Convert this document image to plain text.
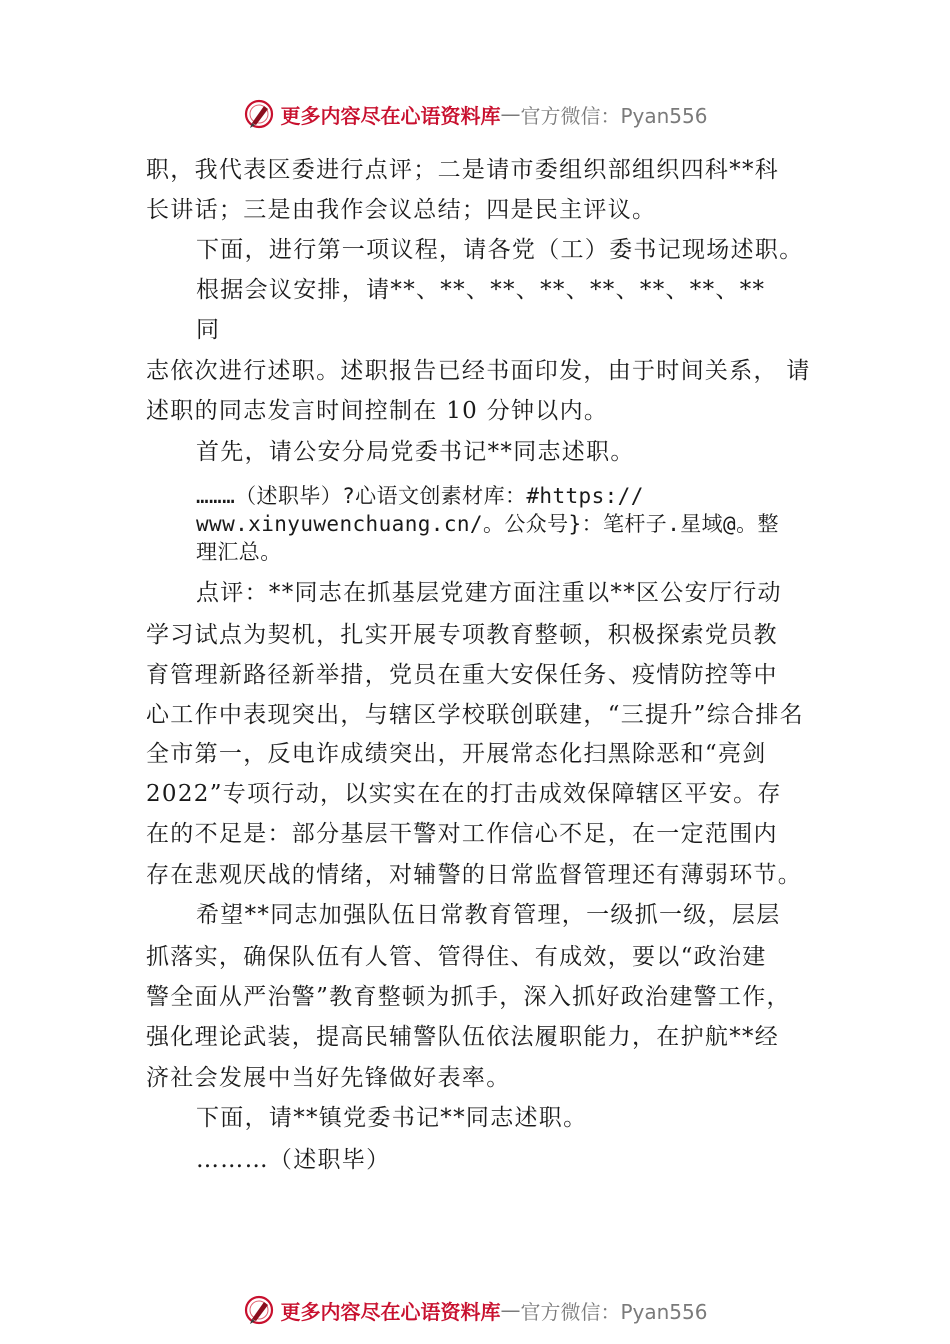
更多内容尽在心语资料库 — 官方微信：Pyan556
职，我代表区委进行点评；二是请市委组织部组织四科**科
长讲话；三是由我作会议总结；四是民主评议。
下面，进行第一项议程，请各党（工）委书记现场述职。
根据会议安排，请**、**、**、**、**、**、**、**
同
志依次进行述职。述职报告已经书面印发，由于时间关系， 请
述职的同志发言时间控制在 10 分钟以内。
首先，请公安分局党委书记**同志述职。
………（述职毕）?心语文创素材库：#https://
www.xinyuwenchuang.cn/。公众号}：笔杆子.星域@。整
理汇总。
点评：**同志在抓基层党建方面注重以**区公安厅行动
学习试点为契机，扎实开展专项教育整顿，积极探索党员教
育管理新路径新举措，党员在重大安保任务、疫情防控等中
心工作中表现突出，与辖区学校联创联建，“三提升”综合排名
全市第一，反电诈成绩突出，开展常态化扫黑除恶和“亮剑
2022”专项行动，以实实在在的打击成效保障辖区平安。存
在的不足是：部分基层干警对工作信心不足，在一定范围内
存在悲观厌战的情绪，对辅警的日常监督管理还有薄弱环节。
希望**同志加强队伍日常教育管理，一级抓一级，层层
抓落实，确保队伍有人管、管得住、有成效，要以“政治建
警全面从严治警”教育整顿为抓手，深入抓好政治建警工作，
强化理论武装，提高民辅警队伍依法履职能力，在护航**经
济社会发展中当好先锋做好表率。
下面，请**镇党委书记**同志述职。
………（述职毕）
更多内容尽在心语资料库 — 官方微信：Pyan556
